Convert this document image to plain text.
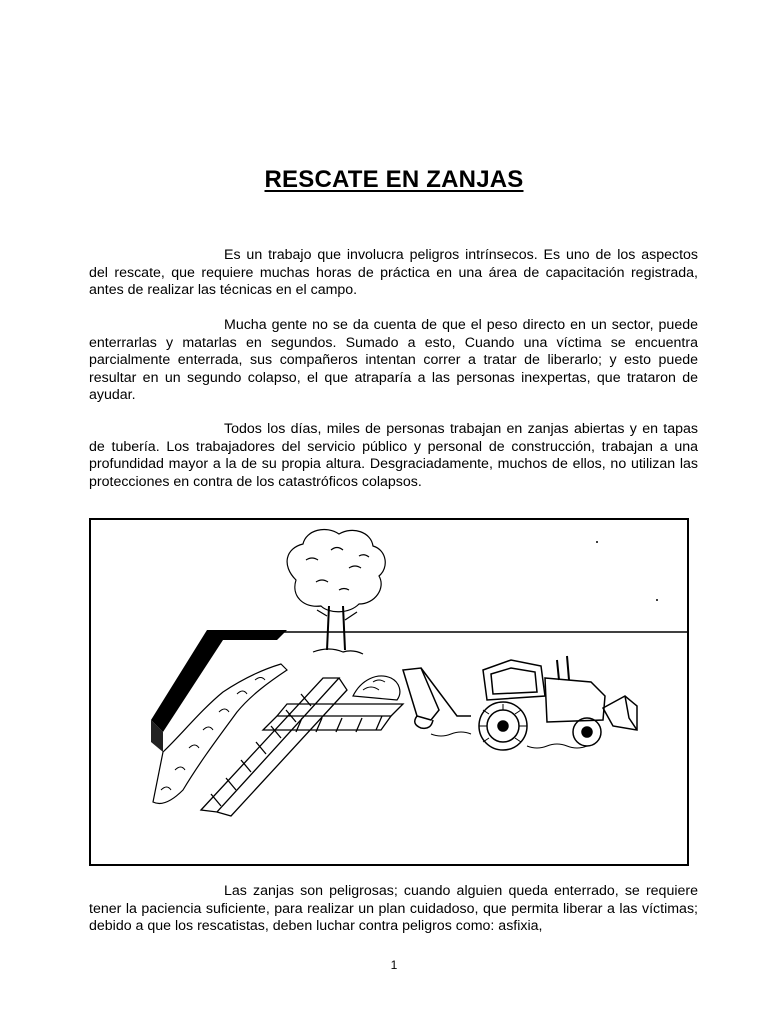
RESCATE EN ZANJAS

Es un trabajo que involucra peligros intrínsecos. Es uno de los aspectos del rescate, que requiere muchas horas de práctica en una área de capacitación registrada, antes de realizar las técnicas en el campo.

Mucha gente no se da cuenta de que el peso directo en un sector, puede enterrarlas y matarlas en segundos. Sumado a esto, Cuando una víctima se encuentra parcialmente enterrada, sus compañeros intentan correr a tratar de liberarlo; y esto puede resultar en un segundo colapso, el que atraparía a las personas inexpertas, que trataron de ayudar.

Todos los días, miles de personas trabajan en zanjas abiertas y en tapas de tubería. Los trabajadores del servicio público y personal de construcción, trabajan a una profundidad mayor a la de su propia altura. Desgraciadamente, muchos de ellos, no utilizan las protecciones en contra de los catastróficos colapsos.

Las zanjas son peligrosas; cuando alguien queda enterrado, se requiere tener la paciencia suficiente, para realizar un plan cuidadoso, que permita liberar a las víctimas; debido a que los rescatistas, deben luchar contra peligros como: asfixia,

1
